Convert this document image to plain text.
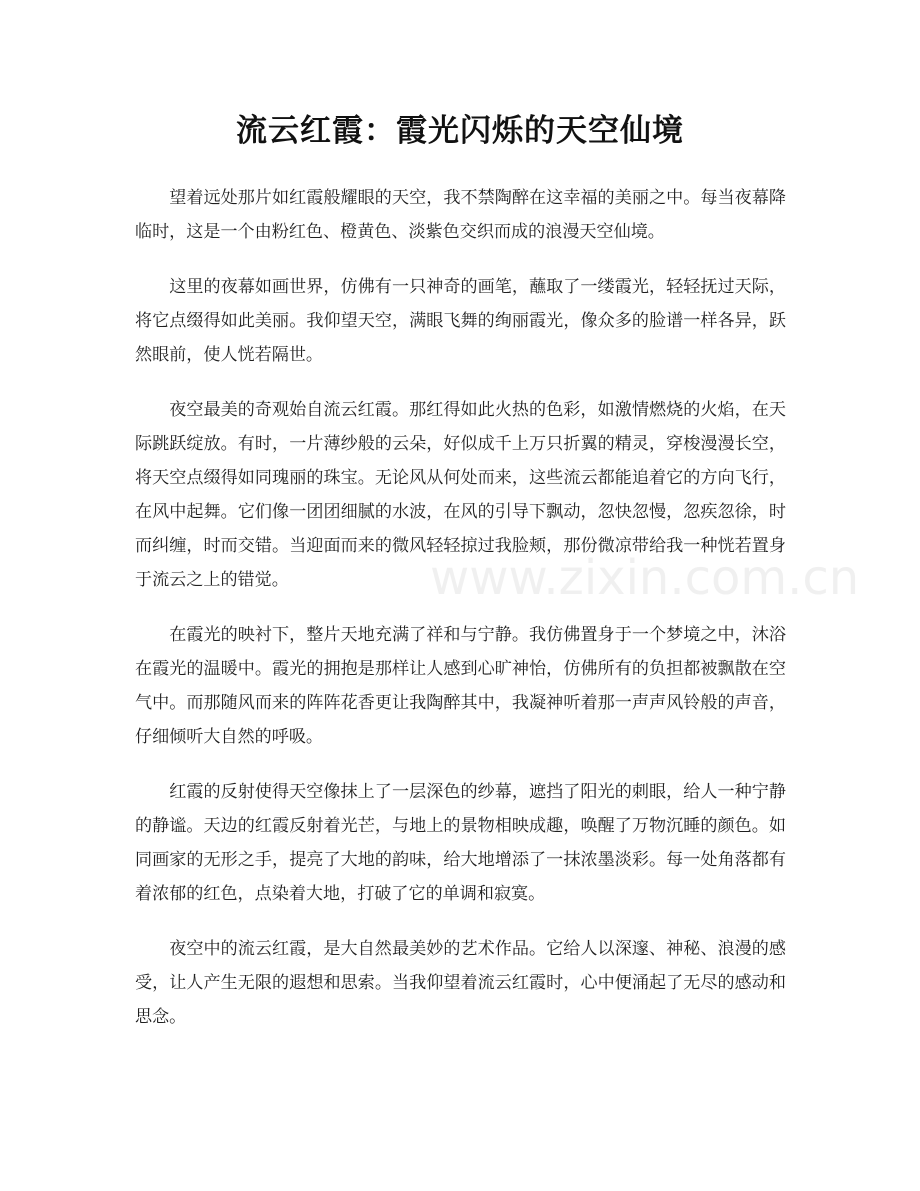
流云红霞：霞光闪烁的天空仙境

望着远处那片如红霞般耀眼的天空，我不禁陶醉在这幸福的美丽之中。每当夜幕降临时，这是一个由粉红色、橙黄色、淡紫色交织而成的浪漫天空仙境。

这里的夜幕如画世界，仿佛有一只神奇的画笔，蘸取了一缕霞光，轻轻抚过天际，将它点缀得如此美丽。我仰望天空，满眼飞舞的绚丽霞光，像众多的脸谱一样各异，跃然眼前，使人恍若隔世。

夜空最美的奇观始自流云红霞。那红得如此火热的色彩，如激情燃烧的火焰，在天际跳跃绽放。有时，一片薄纱般的云朵，好似成千上万只折翼的精灵，穿梭漫漫长空，将天空点缀得如同瑰丽的珠宝。无论风从何处而来，这些流云都能追着它的方向飞行，在风中起舞。它们像一团团细腻的水波，在风的引导下飘动，忽快忽慢，忽疾忽徐，时而纠缠，时而交错。当迎面而来的微风轻轻掠过我脸颊，那份微凉带给我一种恍若置身于流云之上的错觉。

在霞光的映衬下，整片天地充满了祥和与宁静。我仿佛置身于一个梦境之中，沐浴在霞光的温暖中。霞光的拥抱是那样让人感到心旷神怡，仿佛所有的负担都被飘散在空气中。而那随风而来的阵阵花香更让我陶醉其中，我凝神听着那一声声风铃般的声音，仔细倾听大自然的呼吸。

红霞的反射使得天空像抹上了一层深色的纱幕，遮挡了阳光的刺眼，给人一种宁静的静谧。天边的红霞反射着光芒，与地上的景物相映成趣，唤醒了万物沉睡的颜色。如同画家的无形之手，提亮了大地的韵味，给大地增添了一抹浓墨淡彩。每一处角落都有着浓郁的红色，点染着大地，打破了它的单调和寂寞。

夜空中的流云红霞，是大自然最美妙的艺术作品。它给人以深邃、神秘、浪漫的感受，让人产生无限的遐想和思索。当我仰望着流云红霞时，心中便涌起了无尽的感动和思念。

www.zixin.com.cn
